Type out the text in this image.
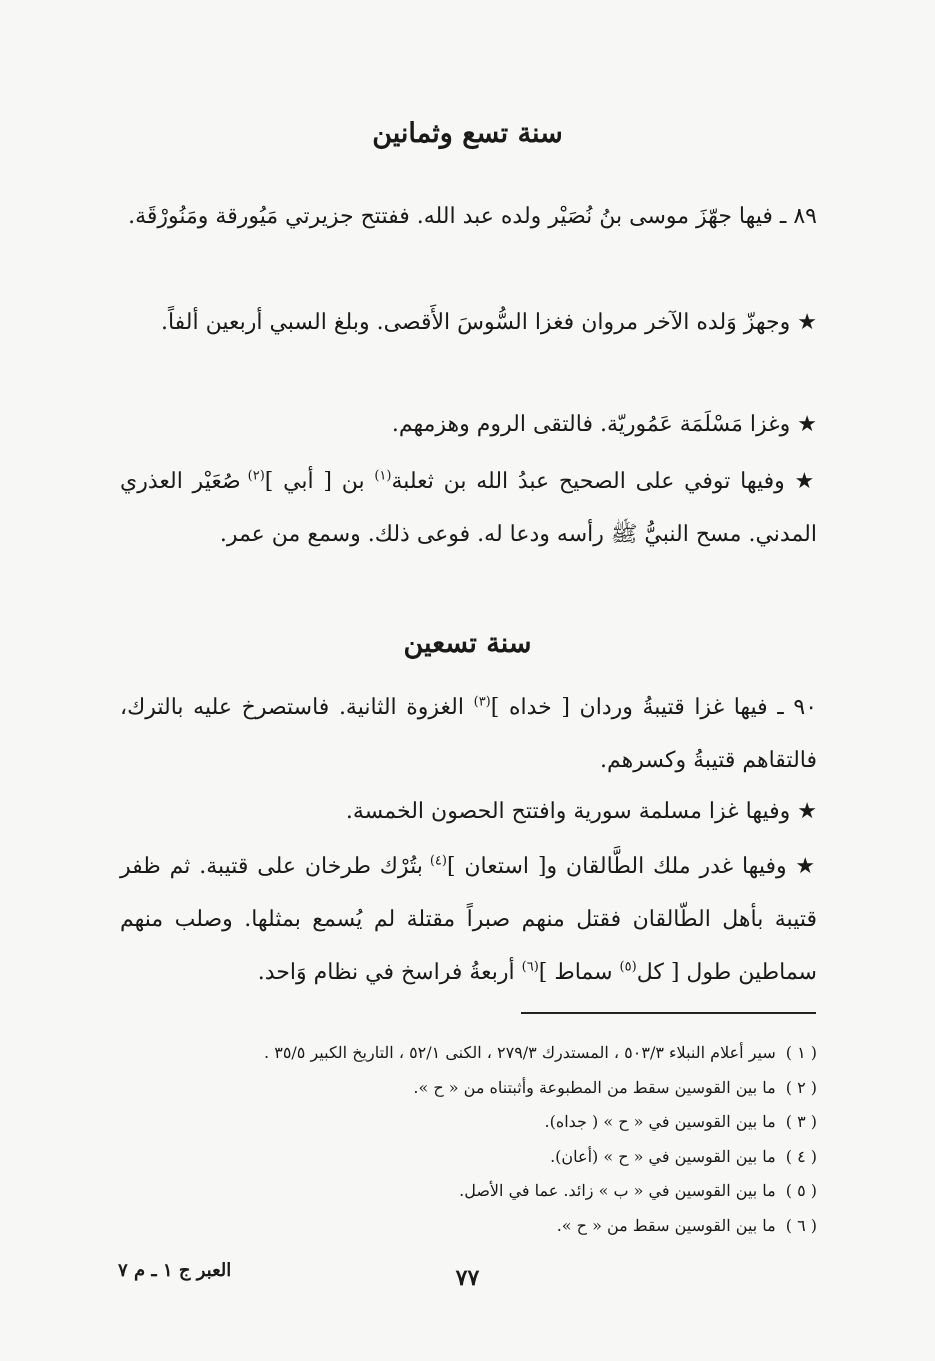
سنة تسع وثمانين

٨٩ ـ فيها جهّزَ موسى بنُ نُصَيْر ولده عبد الله. ففتتح جزيرتي مَيُورقة ومَنُورْقَة.

★ وجهزّ وَلده الآخر مروان فغزا السُّوسَ الأَقصى. وبلغ السبي أربعين ألفاً.

★ وغزا مَسْلَمَة عَمُوريّة. فالتقى الروم وهزمهم.

★ وفيها توفي على الصحيح عبدُ الله بن ثعلبة$^{(١)}$ بن [ أبي ]$^{(٢)}$ صُعَيْر العذري المدني. مسح النبيُّ ﷺ رأسه ودعا له. فوعى ذلك. وسمع من عمر.

سنة تسعين

٩٠ ـ فيها غزا قتيبةُ وردان [ خداه ]$^{(٣)}$ الغزوة الثانية. فاستصرخ عليه بالترك، فالتقاهم قتيبةُ وكسرهم.

★ وفيها غزا مسلمة سورية وافتتح الحصون الخمسة.

★ وفيها غدر ملك الطَّالقان و[ استعان ]$^{(٤)}$ بتُرْك طرخان على قتيبة. ثم ظفر قتيبة بأهل الطّالقان فقتل منهم صبراً مقتلة لم يُسمع بمثلها. وصلب منهم سماطين طول [ كل$^{(٥)}$ سماط ]$^{(٦)}$ أربعةُ فراسخ في نظام وَاحد.

( ١ )سير أعلام النبلاء ٥٠٣/٣ ، المستدرك ٢٧٩/٣ ، الكنى ٥٢/١ ، التاريخ الكبير ٣٥/٥ .
( ٢ )ما بين القوسين سقط من المطبوعة وأثبتناه من « ح ».
( ٣ )ما بين القوسين في « ح » ( جداه).
( ٤ )ما بين القوسين في « ح » (أعان).
( ٥ )ما بين القوسين في « ب » زائد. عما في الأصل.
( ٦ )ما بين القوسين سقط من « ح ».
٧٧
العبر ج ١ ـ م ٧
